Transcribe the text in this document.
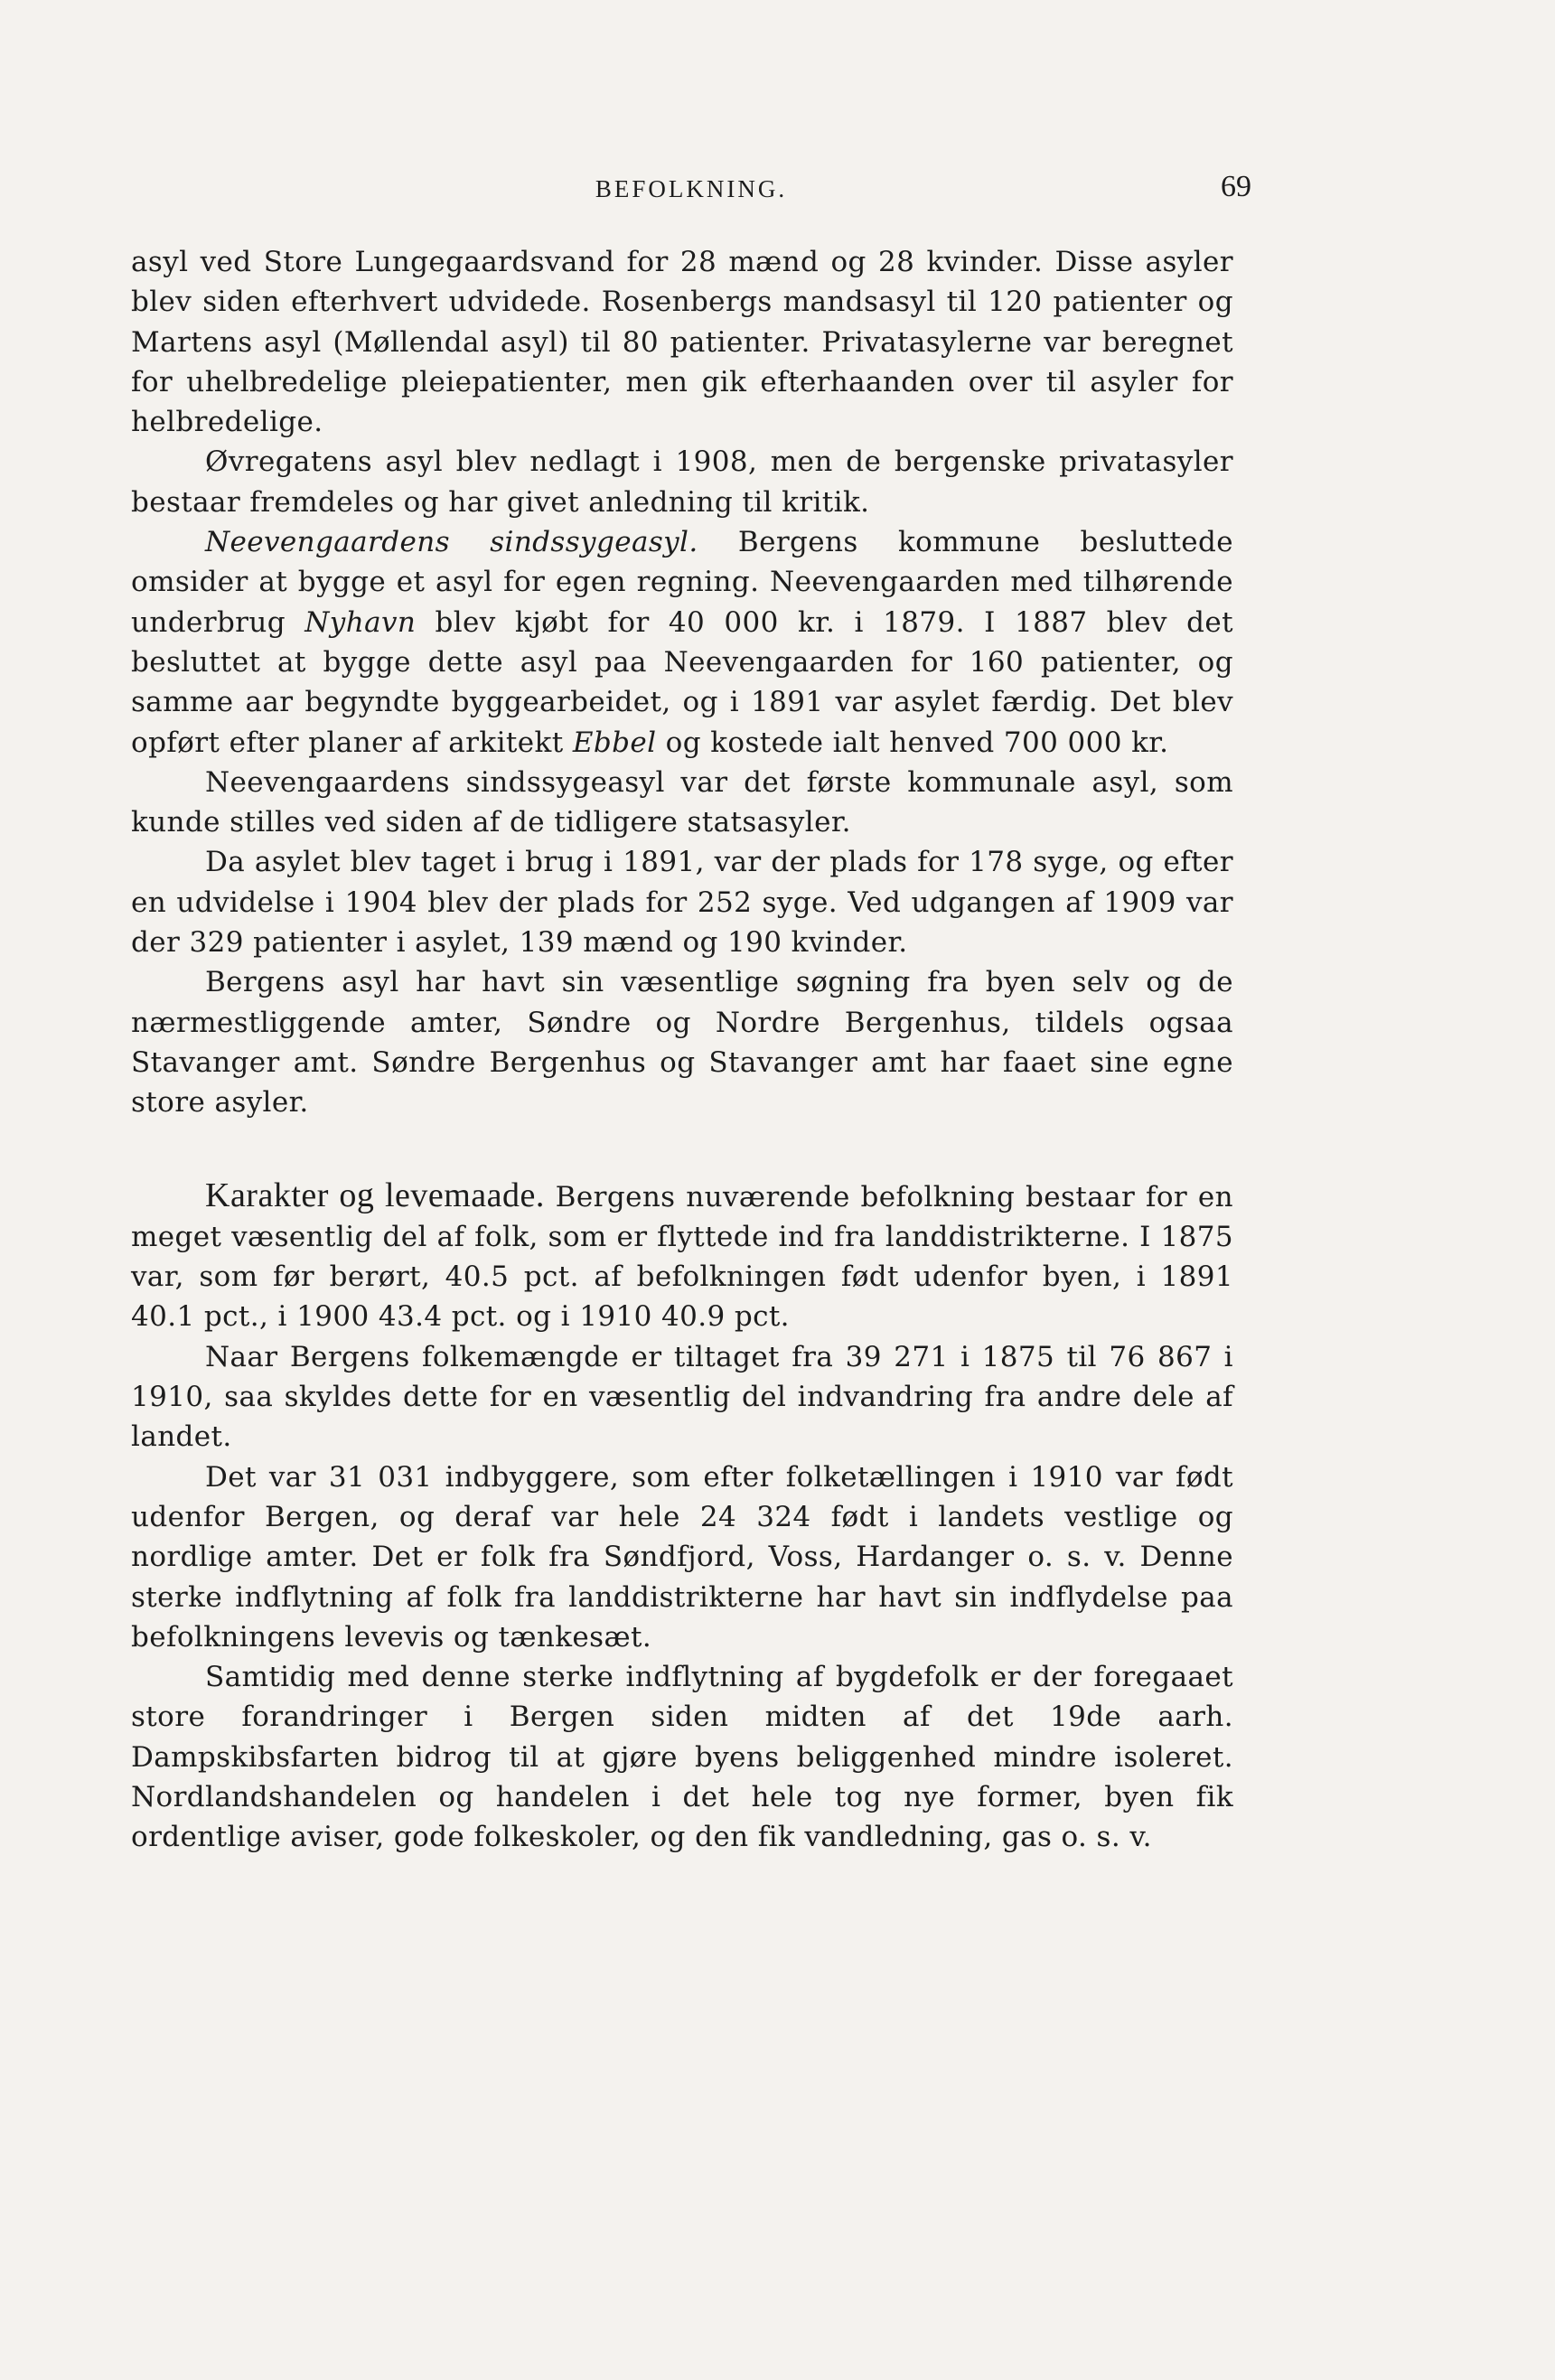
BEFOLKNING.	69

asyl ved Store Lungegaardsvand for 28 mænd og 28 kvinder. Disse asyler blev siden efterhvert udvidede. Rosenbergs mandsasyl til 120 patienter og Martens asyl (Møllendal asyl) til 80 patienter. Privatasylerne var beregnet for uhelbredelige pleiepatienter, men gik efterhaanden over til asyler for helbredelige.

Øvregatens asyl blev nedlagt i 1908, men de bergenske privatasyler bestaar fremdeles og har givet anledning til kritik.

Neevengaardens sindssygeasyl. Bergens kommune besluttede omsider at bygge et asyl for egen regning. Neevengaarden med tilhørende underbrug Nyhavn blev kjøbt for 40 000 kr. i 1879. I 1887 blev det besluttet at bygge dette asyl paa Neevengaarden for 160 patienter, og samme aar begyndte byggearbeidet, og i 1891 var asylet færdig. Det blev opført efter planer af arkitekt Ebbel og kostede ialt henved 700 000 kr.

Neevengaardens sindssygeasyl var det første kommunale asyl, som kunde stilles ved siden af de tidligere statsasyler.

Da asylet blev taget i brug i 1891, var der plads for 178 syge, og efter en udvidelse i 1904 blev der plads for 252 syge. Ved udgangen af 1909 var der 329 patienter i asylet, 139 mænd og 190 kvinder.

Bergens asyl har havt sin væsentlige søgning fra byen selv og de nærmestliggende amter, Søndre og Nordre Bergenhus, tildels ogsaa Stavanger amt. Søndre Bergenhus og Stavanger amt har faaet sine egne store asyler.

Karakter og levemaade. Bergens nuværende befolkning bestaar for en meget væsentlig del af folk, som er flyttede ind fra landdistrikterne. I 1875 var, som før berørt, 40.5 pct. af befolkningen født udenfor byen, i 1891 40.1 pct., i 1900 43.4 pct. og i 1910 40.9 pct.

Naar Bergens folkemængde er tiltaget fra 39 271 i 1875 til 76 867 i 1910, saa skyldes dette for en væsentlig del indvandring fra andre dele af landet.

Det var 31 031 indbyggere, som efter folketællingen i 1910 var født udenfor Bergen, og deraf var hele 24 324 født i landets vestlige og nordlige amter. Det er folk fra Søndfjord, Voss, Hardanger o. s. v. Denne sterke indflytning af folk fra landdistrikterne har havt sin indflydelse paa befolkningens levevis og tænkesæt.

Samtidig med denne sterke indflytning af bygdefolk er der foregaaet store forandringer i Bergen siden midten af det 19de aarh. Dampskibsfarten bidrog til at gjøre byens beliggenhed mindre isoleret. Nordlandshandelen og handelen i det hele tog nye former, byen fik ordentlige aviser, gode folkeskoler, og den fik vandledning, gas o. s. v.
